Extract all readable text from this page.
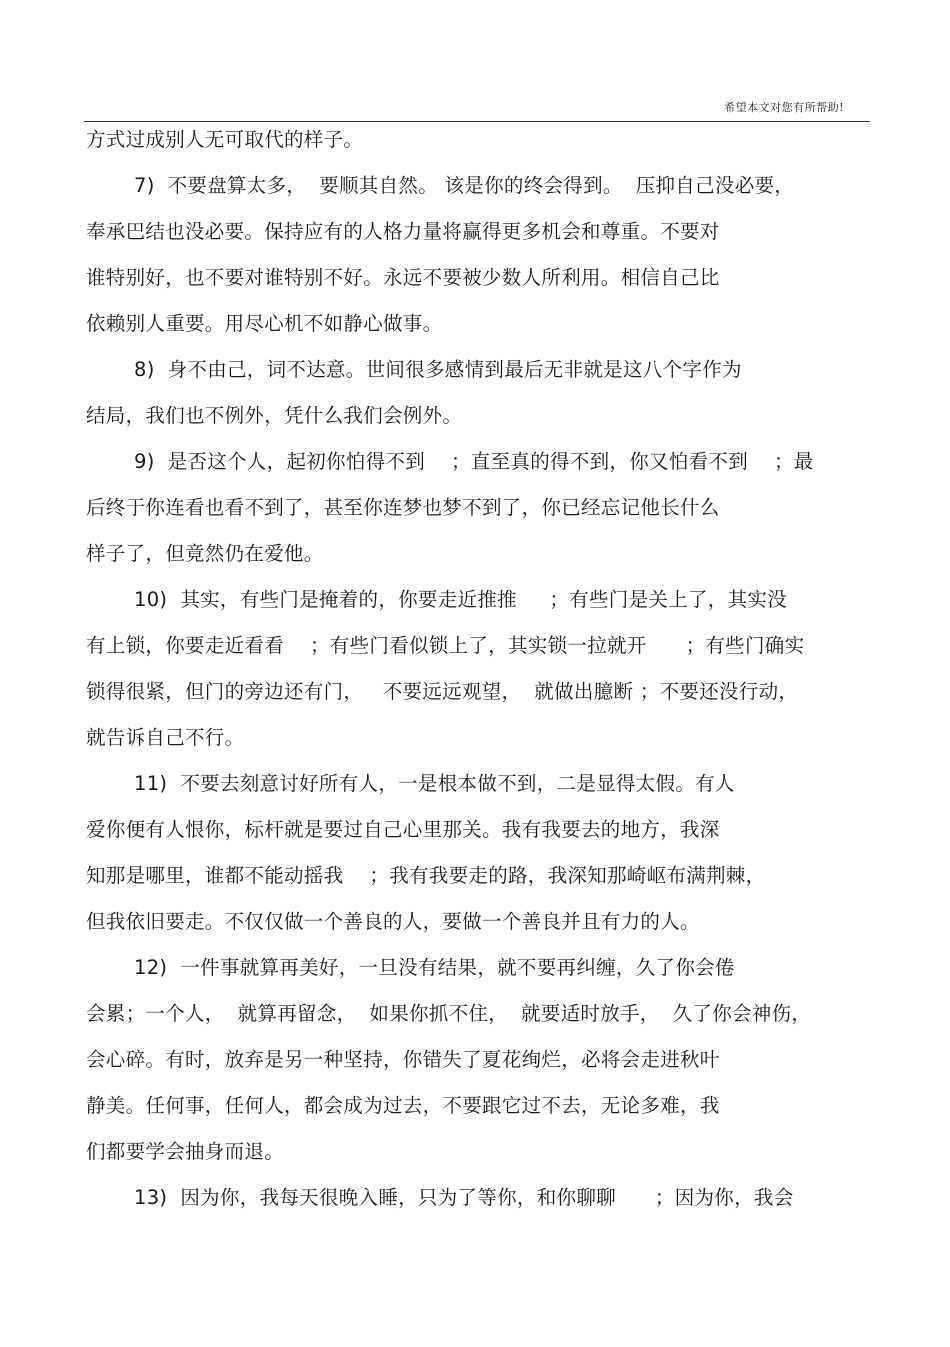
希望本文对您有所帮助!
方式过成别人无可取代的样子。
7)  不要盘算太多，  要顺其自然。 该是你的终会得到。  压抑自己没必要，
奉承巴结也没必要。保持应有的人格力量将赢得更多机会和尊重。不要对
谁特别好，也不要对谁特别不好。永远不要被少数人所利用。相信自己比
依赖别人重要。用尽心机不如静心做事。
8)  身不由己，词不达意。世间很多感情到最后无非就是这八个字作为
结局，我们也不例外，凭什么我们会例外。
9)  是否这个人，起初你怕得不到    ；直至真的得不到，你又怕看不到    ；最
后终于你连看也看不到了，甚至你连梦也梦不到了，你已经忘记他长什么
样子了，但竟然仍在爱他。
10)  其实，有些门是掩着的，你要走近推推     ；有些门是关上了，其实没
有上锁，你要走近看看    ；有些门看似锁上了，其实锁一拉就开      ；有些门确实
锁得很紧，但门的旁边还有门，   不要远远观望，  就做出臆断 ；不要还没行动，
就告诉自己不行。
11)  不要去刻意讨好所有人，一是根本做不到，二是显得太假。有人
爱你便有人恨你，标杆就是要过自己心里那关。我有我要去的地方，我深
知那是哪里，谁都不能动摇我    ；我有我要走的路，我深知那崎岖布满荆棘，
但我依旧要走。不仅仅做一个善良的人，要做一个善良并且有力的人。
12)  一件事就算再美好，一旦没有结果，就不要再纠缠，久了你会倦
会累；一个人，  就算再留念，  如果你抓不住，  就要适时放手，  久了你会神伤，
会心碎。有时，放弃是另一种坚持，你错失了夏花绚烂，必将会走进秋叶
静美。任何事，任何人，都会成为过去，不要跟它过不去，无论多难，我
们都要学会抽身而退。
13)  因为你，我每天很晚入睡，只为了等你，和你聊聊      ；因为你，我会
